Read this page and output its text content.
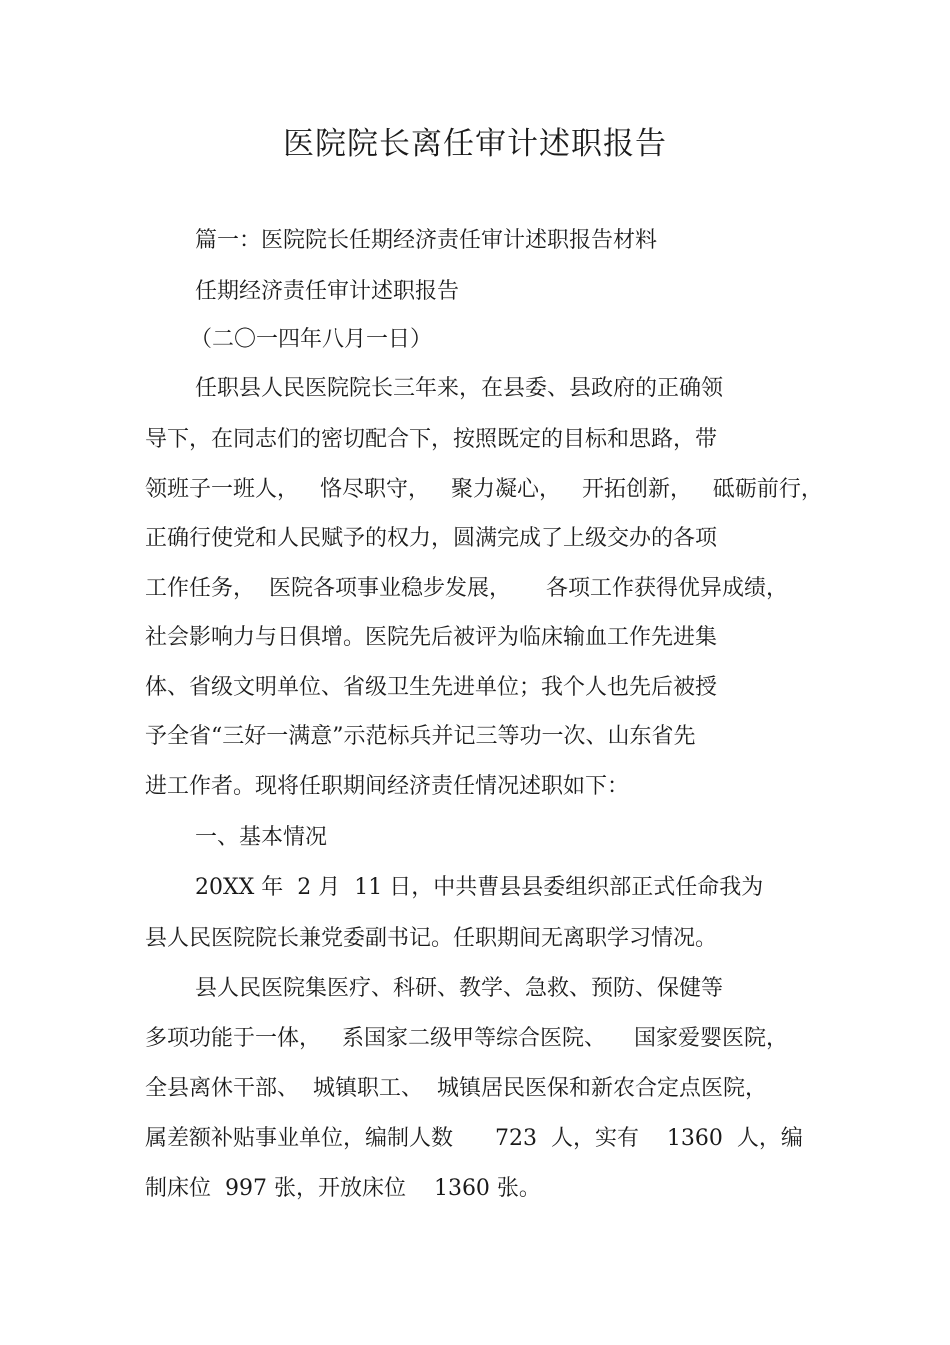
医院院长离任审计述职报告

篇一：医院院长任期经济责任审计述职报告材料

任期经济责任审计述职报告

（二〇一四年八月一日）

任职县人民医院院长三年来，在县委、县政府的正确领

导下，在同志们的密切配合下，按照既定的目标和思路，带

领班子一班人，   恪尽职守，   聚力凝心，   开拓创新，   砥砺前行，

正确行使党和人民赋予的权力，圆满完成了上级交办的各项

工作任务，  医院各项事业稳步发展，     各项工作获得优异成绩，

社会影响力与日俱增。医院先后被评为临床输血工作先进集

体、省级文明单位、省级卫生先进单位；我个人也先后被授

予全省“三好一满意”示范标兵并记三等功一次、山东省先

进工作者。现将任职期间经济责任情况述职如下：

一、基本情况

20XX 年  2 月  11 日，中共曹县县委组织部正式任命我为

县人民医院院长兼党委副书记。任职期间无离职学习情况。

县人民医院集医疗、科研、教学、急救、预防、保健等

多项功能于一体，   系国家二级甲等综合医院、    国家爱婴医院，

全县离休干部、  城镇职工、  城镇居民医保和新农合定点医院，

属差额补贴事业单位，编制人数      723  人，实有    1360  人，编

制床位  997 张，开放床位    1360 张。
